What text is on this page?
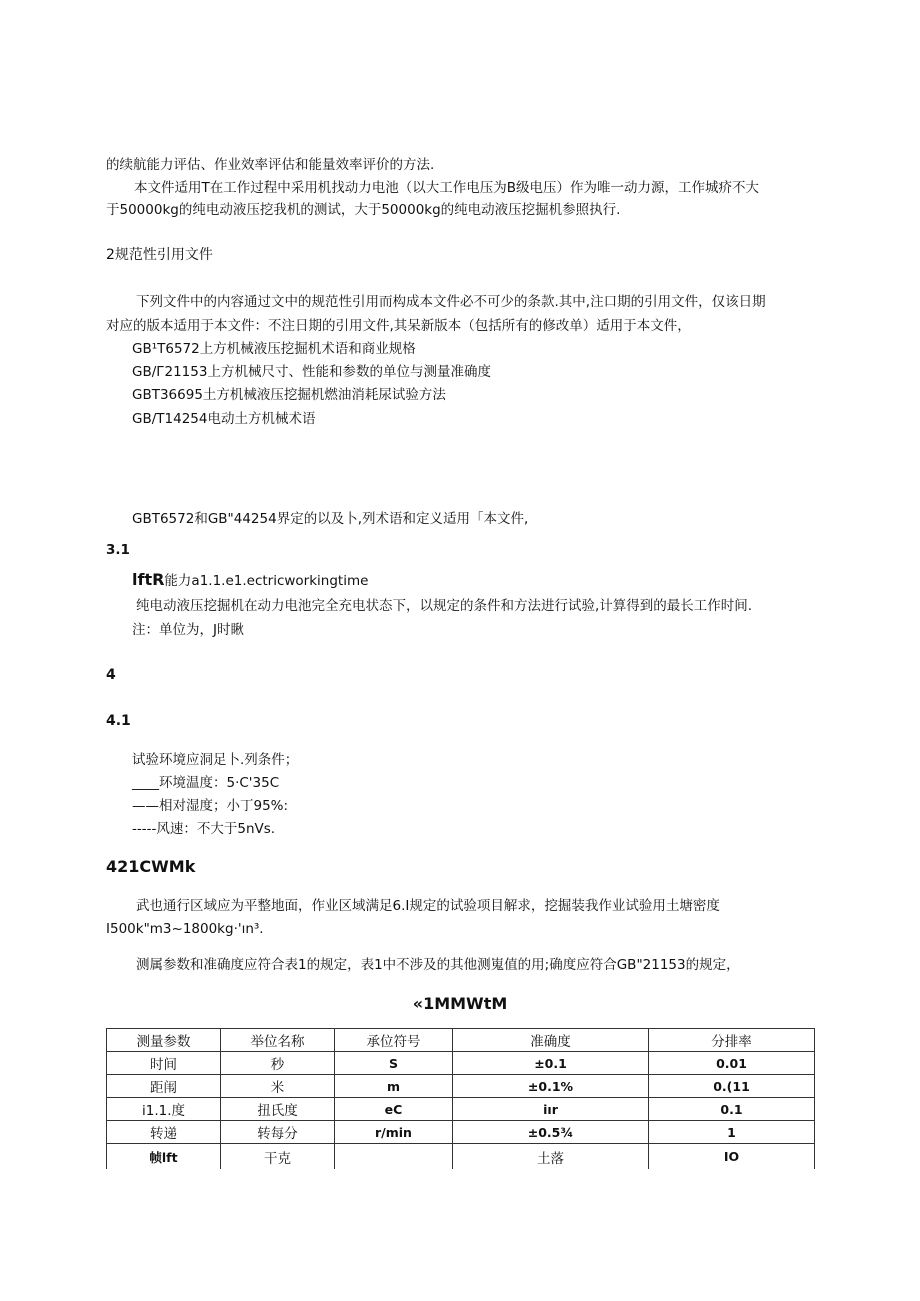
的续航能力评估、作业效率评估和能量效率评价的方法.
本文件适用T在工作过程中采用机找动力电池（以大工作电压为B级电压）作为唯一动力源，工作城疥不大
于50000kg的纯电动液压挖我机的测试，大于50000kg的纯电动液压挖掘机参照执行.
2规范性引用文件
下列文件中的内容通过文中的规范性引用而构成本文件必不可少的条款.其中,注口期的引用文件，仅该日期
对应的版本适用于本文件：不注日期的引用文件,其呆新版本（包括所有的修改单）适用于本文件，
GB¹T6572上方机械液压挖掘机术语和商业规格
GB/Г21153上方机械尺寸、性能和参数的单位与测量准确度
GBT36695土方机械液压挖掘机燃油消耗尿试验方法
GB/T14254电动土方机械术语
GBT6572和GB"44254界定的以及卜,列术语和定义适用「本文件,
3.1
lftR能力a1.1.e1.ectricworkingtime
纯电动液压挖掘机在动力电池完全充电状态下，以规定的条件和方法进行试验,计算得到的最长工作时间.
注：单位为，J时瞅
4
4.1
试验环境应洞足卜.列条件；
____环境温度：5·C'35C
——相对湿度；小丁95%:
-----风速：不大于5nVs.
421CWMk
武也通行区域应为平整地面，作业区域满足6.I规定的试验项目解求，挖掘装我作业试验用土塘密度
I500k"m3~1800kg·'ın³.
测属参数和准确度应符合表1的规定，表1中不涉及的其他测嵬值的用;确度应符合GB"21153的规定，
«1MMWtM
测量参数	举位名称	承位符号	准确度	分排率
时间	秒	S	±0.1	0.01
距闱	米	m	±0.1%	0.(11
i1.1.度	扭氏度	eC	iır	0.1
转递	转每分	r/min	±0.5¾	1
帧lft	干克		土落	IO
